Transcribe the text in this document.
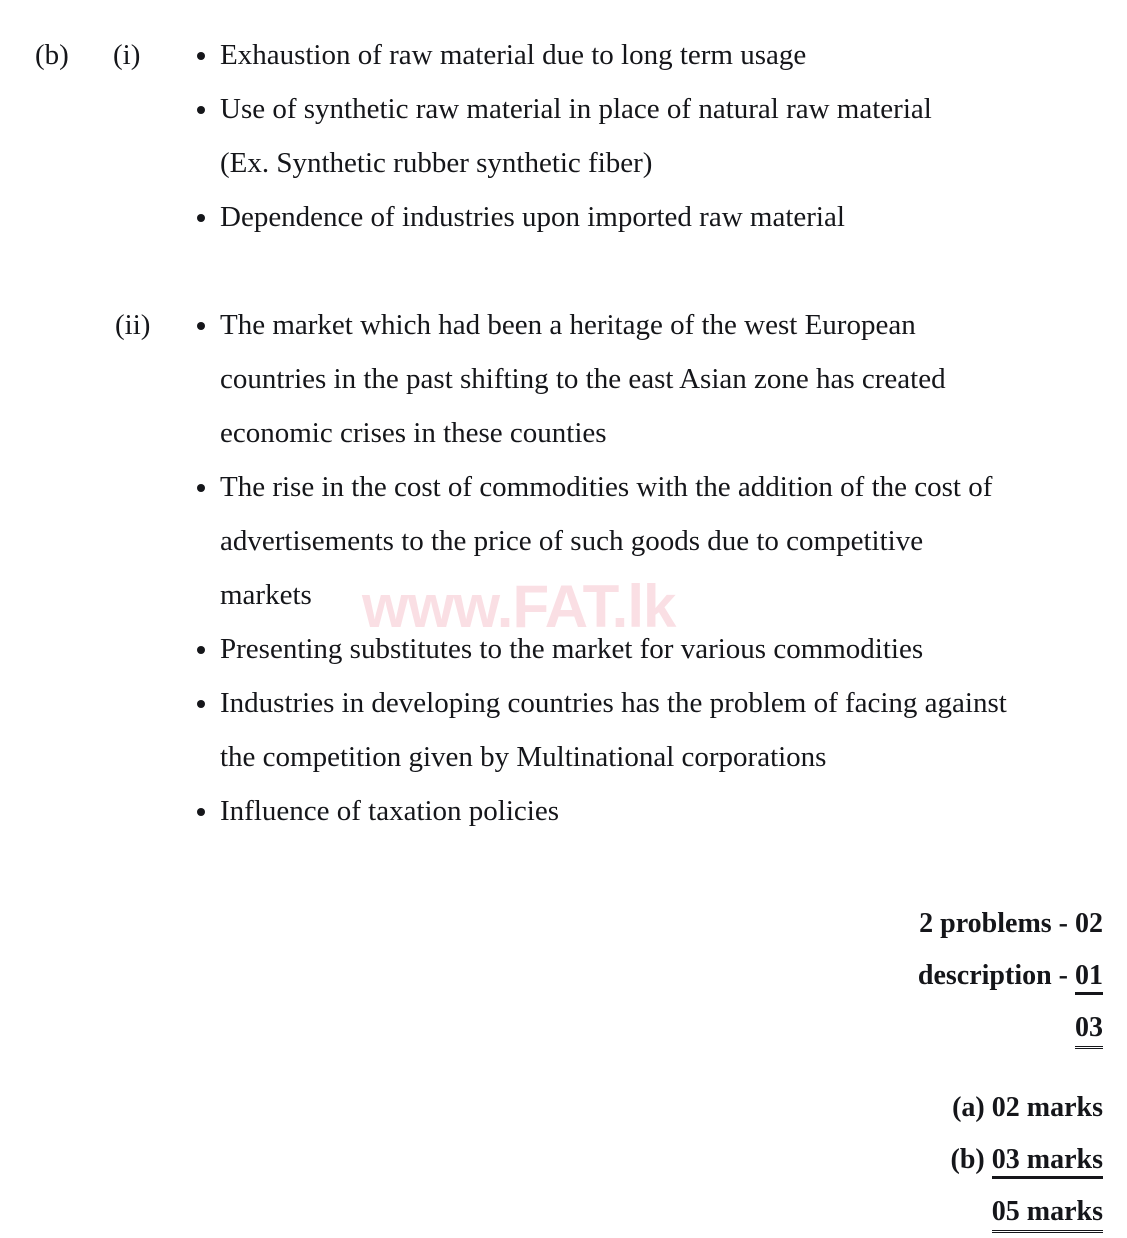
www.FAT.lk
(b)	(i)	Exhaustion of raw material due to long term usage
Use of synthetic raw material in place of natural raw material
(Ex. Synthetic rubber synthetic fiber)
Dependence of industries upon imported raw material
(ii)	The market which had been a heritage of the west European
countries in the past shifting to the east Asian zone has created
economic crises in these counties
The rise in the cost of commodities with the addition of the cost of
advertisements to the price of such goods due to competitive
markets
Presenting substitutes to the market for various commodities
Industries in developing countries has the problem of facing against
the competition given by Multinational corporations
Influence of taxation policies
2 problems - 02
description - 01
03
(a) 02 marks
(b) 03 marks
05 marks
